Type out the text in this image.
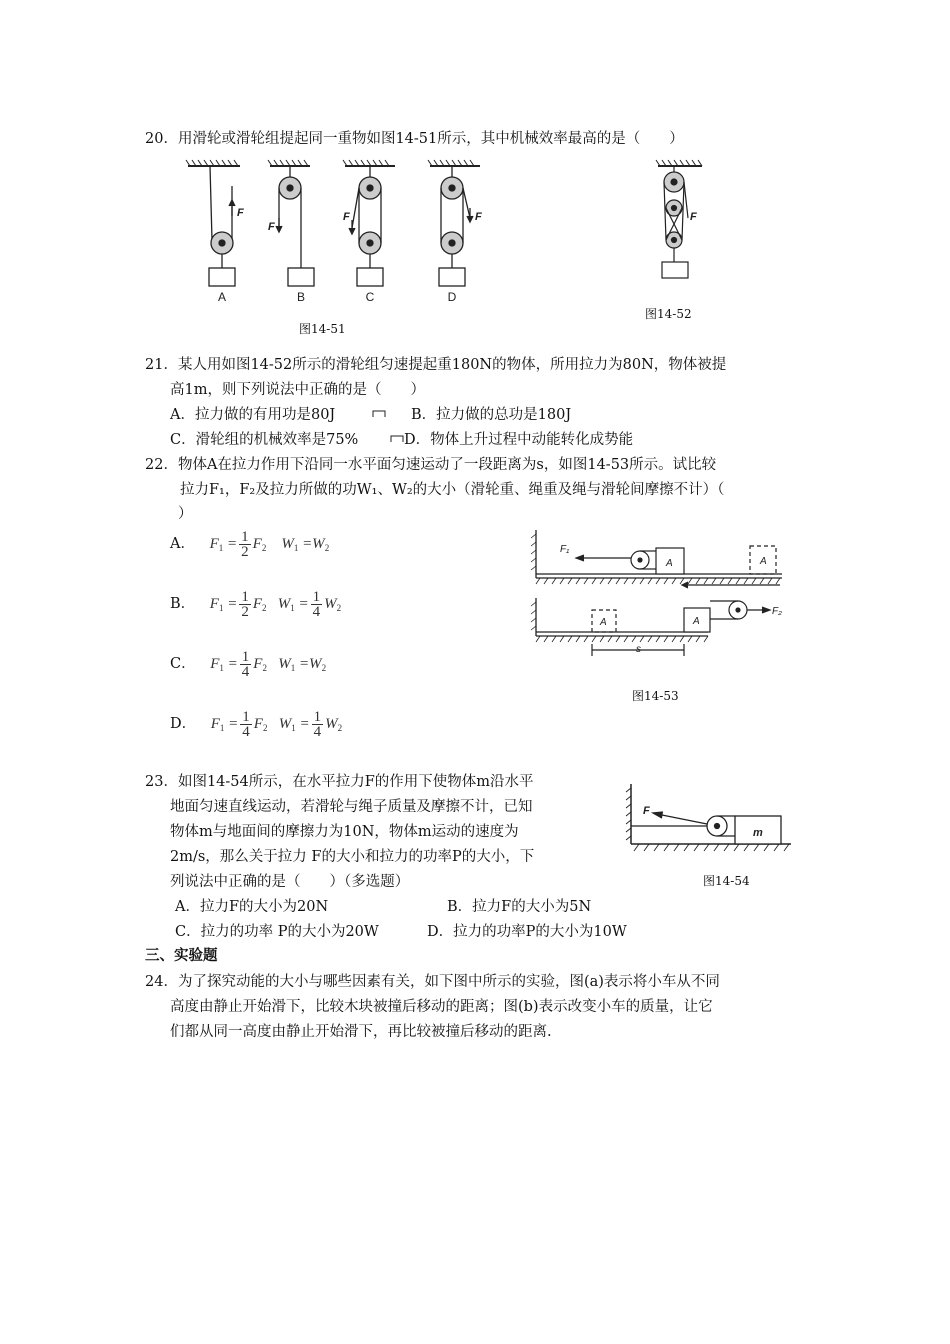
20．用滑轮或滑轮组提起同一重物如图14-51所示，其中机械效率最高的是（　　）
F
F
F	F
A	B	C	D
图14-51
F
图14-52
21．某人用如图14-52所示的滑轮组匀速提起重180N的物体，所用拉力为80N，物体被提
高1m，则下列说法中正确的是（　　）
A．拉力做的有用功是80J	B．拉力做的总功是180J
C．滑轮组的机械效率是75%	D．物体上升过程中动能转化成势能
22．物体A在拉力作用下沿同一水平面匀速运动了一段距离为s，如图14-53所示。试比较
拉力F₁，F₂及拉力所做的功W₁、W₂的大小（滑轮重、绳重及绳与滑轮间摩擦不计）（
）
A． $F_1 = \frac{1}{2} F_2$    $W_1 =W_2$
B． $F_1 = \frac{1}{2} F_2$   $W_1 = \frac{1}{4} W_2$
C． $F_1 = \frac{1}{4} F_2$   $W_1 =W_2$
D． $F_1 = \frac{1}{4} F_2$   $W_1 = \frac{1}{4} W_2$
F₁
F₂
A	A
A
A
s
图14-53
23．如图14-54所示，在水平拉力F的作用下使物体m沿水平
地面匀速直线运动，若滑轮与绳子质量及摩擦不计，已知
物体m与地面间的摩擦力为10N，物体m运动的速度为
2m/s，那么关于拉力 F的大小和拉力的功率P的大小，下
列说法中正确的是（　　）（多选题）
A．拉力F的大小为20N	B．拉力F的大小为5N
C．拉力的功率 P的大小为20W	D．拉力的功率P的大小为10W
F
m
图14-54
三、实验题
24．为了探究动能的大小与哪些因素有关，如下图中所示的实验，图(a)表示将小车从不同
高度由静止开始滑下，比较木块被撞后移动的距离；图(b)表示改变小车的质量，让它
们都从同一高度由静止开始滑下，再比较被撞后移动的距离.
